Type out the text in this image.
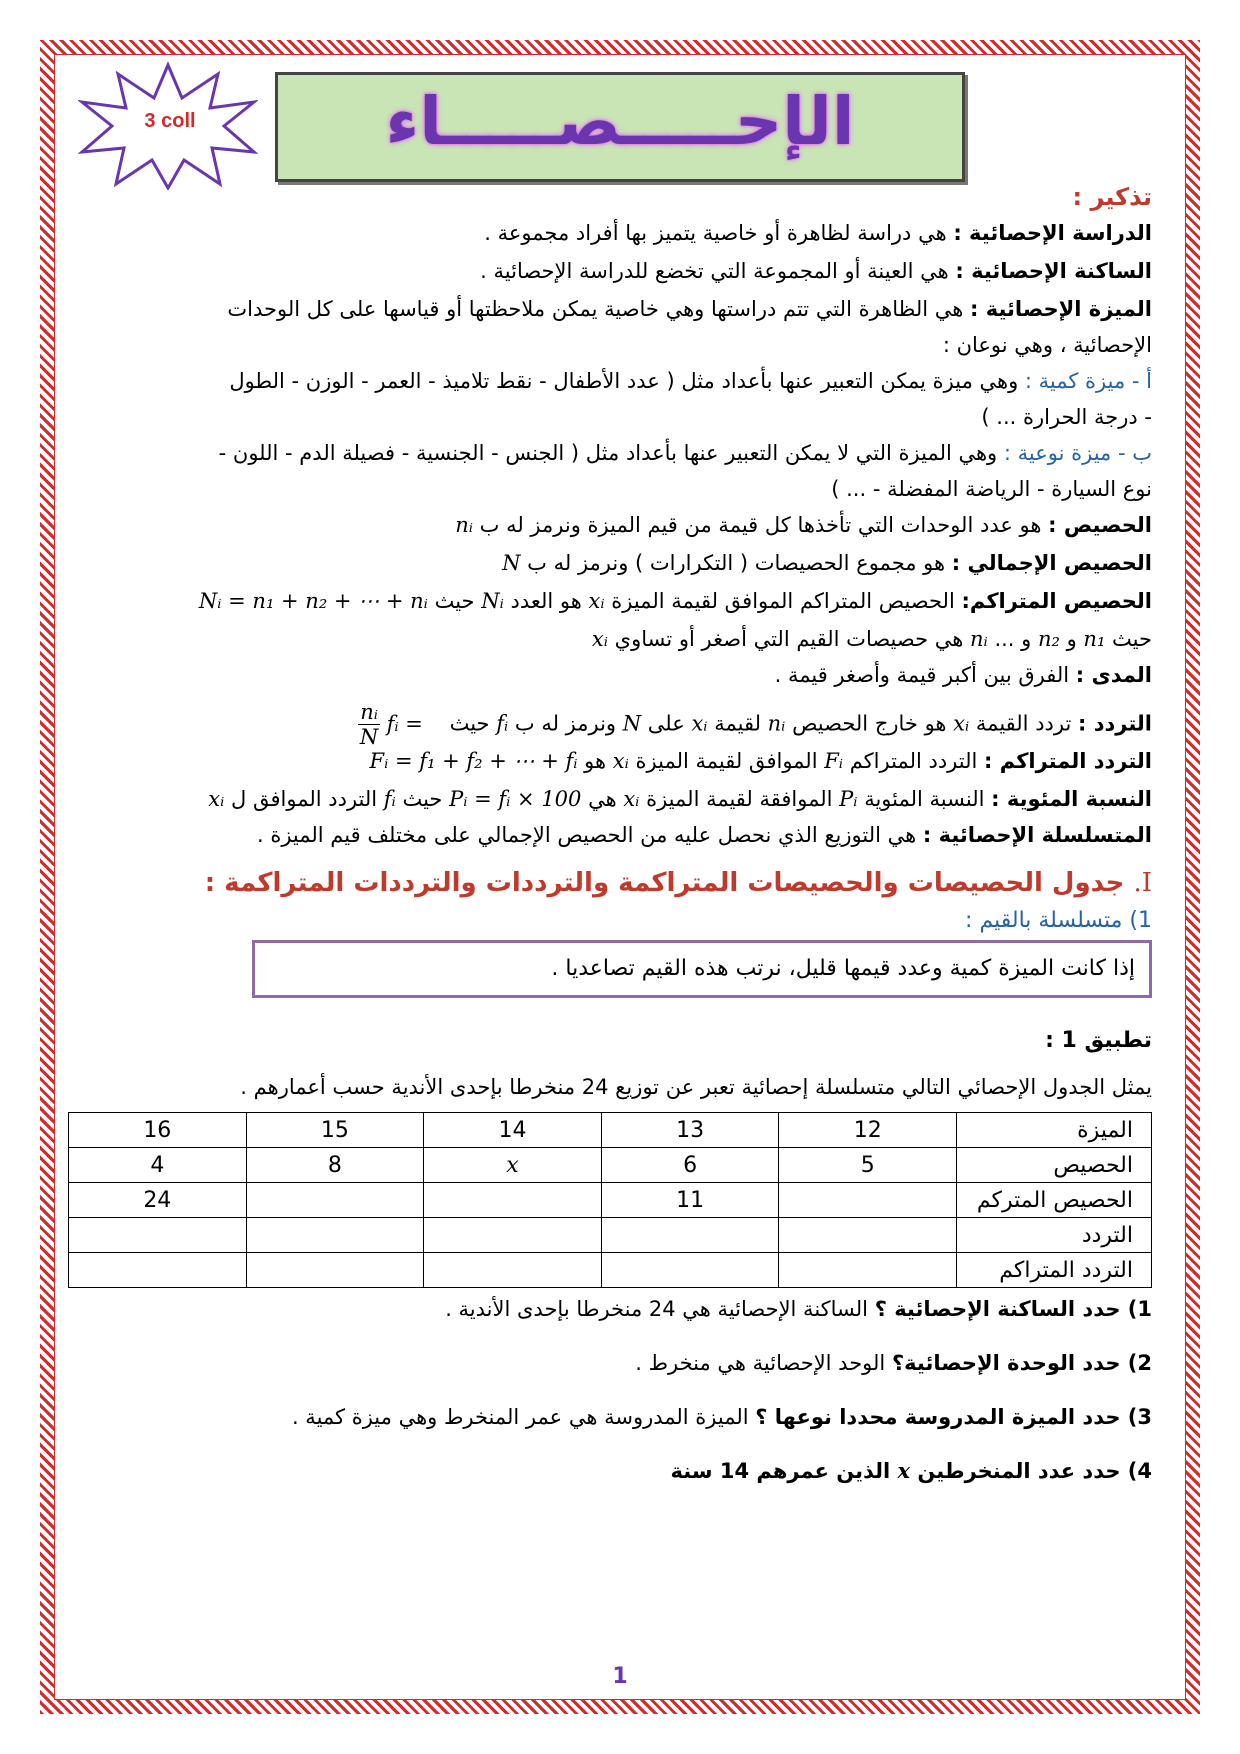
3 coll	الإحـــــصـــــاء
تذكير :
الدراسة الإحصائية : هي دراسة لظاهرة أو خاصية يتميز بها أفراد مجموعة .
الساكنة الإحصائية : هي العينة أو المجموعة التي تخضع للدراسة الإحصائية .
الميزة الإحصائية : هي الظاهرة التي تتم دراستها وهي خاصية يمكن ملاحظتها أو قياسها على كل الوحدات
الإحصائية ، وهي نوعان :
أ - ميزة كمية : وهي ميزة يمكن التعبير عنها بأعداد مثل ( عدد الأطفال - نقط تلاميذ - العمر - الوزن - الطول
- درجة الحرارة ... )
ب - ميزة نوعية : وهي الميزة التي لا يمكن التعبير عنها بأعداد مثل ( الجنس - الجنسية - فصيلة الدم - اللون -
نوع السيارة - الرياضة المفضلة - ... )
الحصيص : هو عدد الوحدات التي تأخذها كل قيمة من قيم الميزة ونرمز له ب nᵢ
الحصيص الإجمالي : هو مجموع الحصيصات ( التكرارات ) ونرمز له ب N
الحصيص المتراكم: الحصيص المتراكم الموافق لقيمة الميزة xᵢ هو العدد Nᵢ حيث Nᵢ = n₁ + n₂ + ⋯ + nᵢ
حيث n₁ و n₂ و ... nᵢ هي حصيصات القيم التي أصغر أو تساوي xᵢ
المدى : الفرق بين أكبر قيمة وأصغر قيمة .
التردد : تردد القيمة xᵢ هو خارج الحصيص nᵢ لقيمة xᵢ على N ونرمز له ب fᵢ حيث fᵢ =
$\frac{\text{nᵢ}}{N}$
التردد المتراكم : التردد المتراكم Fᵢ الموافق لقيمة الميزة xᵢ هو Fᵢ = f₁ + f₂ + ⋯ + fᵢ
النسبة المئوية : النسبة المئوية Pᵢ الموافقة لقيمة الميزة xᵢ هي Pᵢ = fᵢ × 100 حيث fᵢ التردد الموافق ل xᵢ
المتسلسلة الإحصائية : هي التوزيع الذي نحصل عليه من الحصيص الإجمالي على مختلف قيم الميزة .
I. جدول الحصيصات والحصيصات المتراكمة والترددات والترددات المتراكمة :
1) متسلسلة بالقيم :
إذا كانت الميزة كمية وعدد قيمها قليل، نرتب هذه القيم تصاعديا .
تطبيق 1 :
يمثل الجدول الإحصائي التالي متسلسلة إحصائية تعبر عن توزيع 24 منخرطا بإحدى الأندية حسب أعمارهم .
الميزة	12	13	14	15	16
الحصيص	5	6	x	8	4
الحصيص المتركم		11			24
التردد					
التردد المتراكم					
1) حدد الساكنة الإحصائية ؟ الساكنة الإحصائية هي 24 منخرطا بإحدى الأندية .
2) حدد الوحدة الإحصائية؟ الوحد الإحصائية هي منخرط .
3) حدد الميزة المدروسة محددا نوعها ؟ الميزة المدروسة هي عمر المنخرط وهي ميزة كمية .
4) حدد عدد المنخرطين x الذين عمرهم 14 سنة
1
